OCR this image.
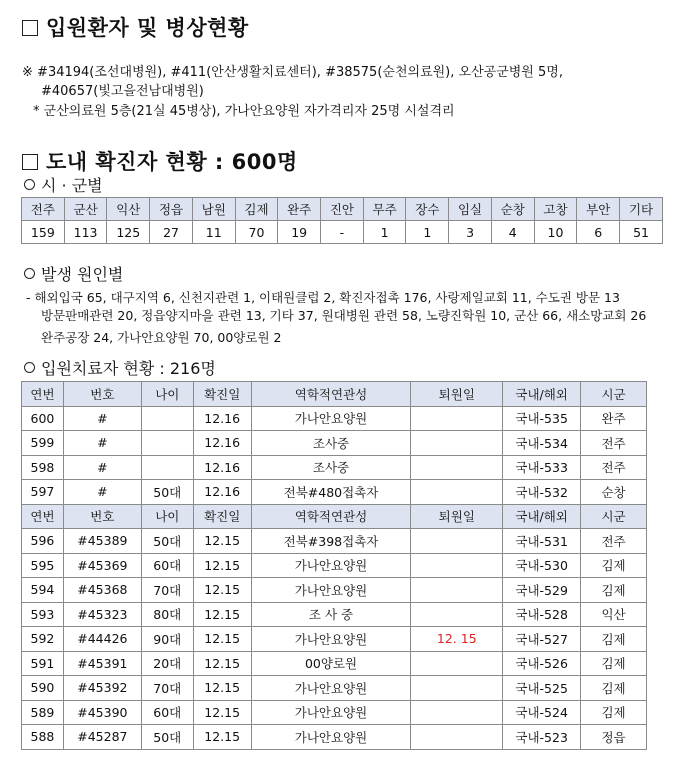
입원환자 및 병상현황
※ #34194(조선대병원), #411(안산생활치료센터), #38575(순천의료원), 오산공군병원 5명,
#40657(빛고을전남대병원)
* 군산의료원 5층(21실 45병상), 가나안요양원 자가격리자 25명 시설격리
도내 확진자 현황 : 600명
시 · 군별
전주	군산	익산	정읍	남원	김제	완주	진안	무주	장수	임실	순창	고창	부안	기타
159	113	125	27	11	70	19	-	1	1	3	4	10	6	51
발생 원인별
- 해외입국 65, 대구지역 6, 신천지관련 1, 이태원클럽 2, 확진자접촉 176, 사랑제일교회 11, 수도권 방문 13
방문판매관련 20, 정읍양지마을 관련 13, 기타 37, 원대병원 관련 58, 노량진학원 10, 군산 66, 새소망교회 26
완주공장 24, 가나안요양원 70, 00양로원 2
입원치료자 현황 : 216명
연번	번호	나이	확진일	역학적연관성	퇴원일	국내/해외	시군
600	#		12.16	가나안요양원		국내-535	완주
599	#		12.16	조사중		국내-534	전주
598	#		12.16	조사중		국내-533	전주
597	#	50대	12.16	전북#480접촉자		국내-532	순창
연번	번호	나이	확진일	역학적연관성	퇴원일	국내/해외	시군
596	#45389	50대	12.15	전북#398접촉자		국내-531	전주
595	#45369	60대	12.15	가나안요양원		국내-530	김제
594	#45368	70대	12.15	가나안요양원		국내-529	김제
593	#45323	80대	12.15	조 사 중		국내-528	익산
592	#44426	90대	12.15	가나안요양원	12. 15	국내-527	김제
591	#45391	20대	12.15	00양로원		국내-526	김제
590	#45392	70대	12.15	가나안요양원		국내-525	김제
589	#45390	60대	12.15	가나안요양원		국내-524	김제
588	#45287	50대	12.15	가나안요양원		국내-523	정읍
